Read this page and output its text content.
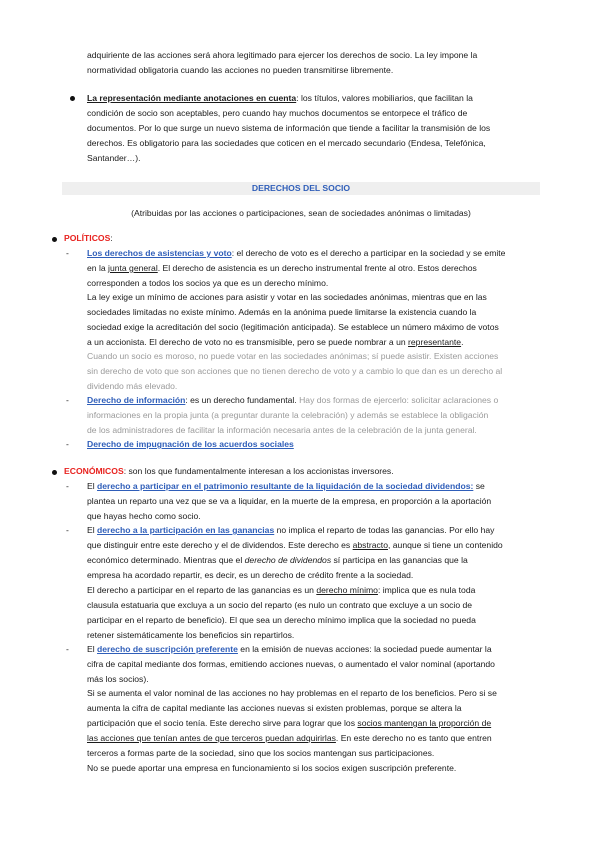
adquiriente de las acciones será ahora legitimado para ejercer los derechos de socio. La ley impone la
normatividad obligatoria cuando las acciones no pueden transmitirse libremente.
La representación mediante anotaciones en cuenta: los títulos, valores mobiliarios, que facilitan la
condición de socio son aceptables, pero cuando hay muchos documentos se entorpece el tráfico de
documentos. Por lo que surge un nuevo sistema de información que tiende a facilitar la transmisión de los
derechos. Es obligatorio para las sociedades que coticen en el mercado secundario (Endesa, Telefónica,
Santander…).
DERECHOS DEL SOCIO
(Atribuidas por las acciones o participaciones, sean de sociedades anónimas o limitadas)
POLÍTICOS:
- Los derechos de asistencias y voto: el derecho de voto es el derecho a participar en la sociedad y se emite
en la junta general. El derecho de asistencia es un derecho instrumental frente al otro. Estos derechos
corresponden a todos los socios ya que es un derecho mínimo.
La ley exige un mínimo de acciones para asistir y votar en las sociedades anónimas, mientras que en las
sociedades limitadas no existe mínimo. Además en la anónima puede limitarse la existencia cuando la
sociedad exige la acreditación del socio (legitimación anticipada). Se establece un número máximo de votos
a un accionista. El derecho de voto no es transmisible, pero se puede nombrar a un representante.
Cuando un socio es moroso, no puede votar en las sociedades anónimas; sí puede asistir. Existen acciones
sin derecho de voto que son acciones que no tienen derecho de voto y a cambio lo que dan es un derecho al
dividendo más elevado.
- Derecho de información: es un derecho fundamental. Hay dos formas de ejercerlo: solicitar aclaraciones o
informaciones en la propia junta (a preguntar durante la celebración) y además se establece la obligación
de los administradores de facilitar la información necesaria antes de la celebración de la junta general.
- Derecho de impugnación de los acuerdos sociales
ECONÓMICOS: son los que fundamentalmente interesan a los accionistas inversores.
- El derecho a participar en el patrimonio resultante de la liquidación de la sociedad dividendos: se
plantea un reparto una vez que se va a liquidar, en la muerte de la empresa, en proporción a la aportación
que hayas hecho como socio.
- El derecho a la participación en las ganancias no implica el reparto de todas las ganancias. Por ello hay
que distinguir entre este derecho y el de dividendos. Este derecho es abstracto, aunque si tiene un contenido
económico determinado. Mientras que el derecho de dividendos sí participa en las ganancias que la
empresa ha acordado repartir, es decir, es un derecho de crédito frente a la sociedad.
El derecho a participar en el reparto de las ganancias es un derecho mínimo: implica que es nula toda
clausula estatuaria que excluya a un socio del reparto (es nulo un contrato que excluye a un socio de
participar en el reparto de beneficio). El que sea un derecho mínimo implica que la sociedad no pueda
retener sistemáticamente los beneficios sin repartirlos.
- El derecho de suscripción preferente en la emisión de nuevas acciones: la sociedad puede aumentar la
cifra de capital mediante dos formas, emitiendo acciones nuevas, o aumentado el valor nominal (aportando
más los socios).
Si se aumenta el valor nominal de las acciones no hay problemas en el reparto de los beneficios. Pero si se
aumenta la cifra de capital mediante las acciones nuevas si existen problemas, porque se altera la
participación que el socio tenía. Este derecho sirve para lograr que los socios mantengan la proporción de
las acciones que tenían antes de que terceros puedan adquirirlas. En este derecho no es tanto que entren
terceros a formas parte de la sociedad, sino que los socios mantengan sus participaciones.
No se puede aportar una empresa en funcionamiento si los socios exigen suscripción preferente.
